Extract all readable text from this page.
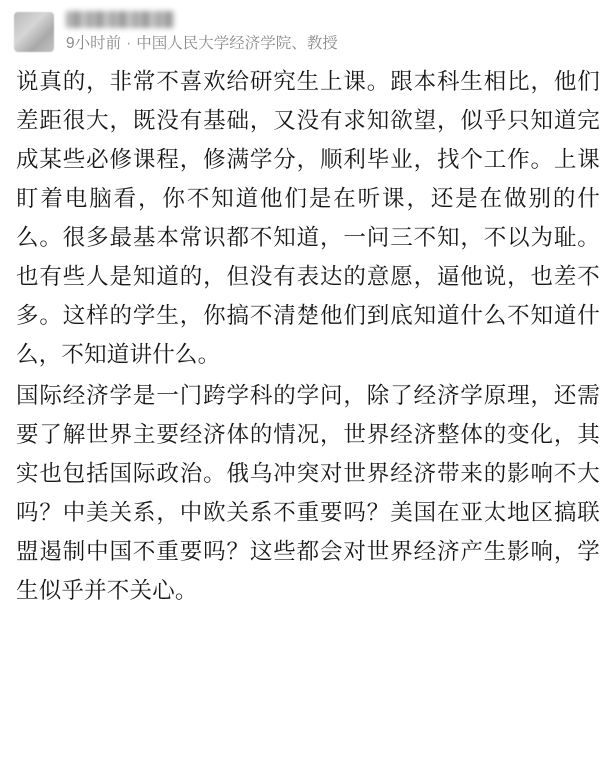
9小时前 · 中国人民大学经济学院、教授

说真的，非常不喜欢给研究生上课。跟本科生相比，他们差距很大，既没有基础，又没有求知欲望，似乎只知道完成某些必修课程，修满学分，顺利毕业，找个工作。上课盯着电脑看，你不知道他们是在听课，还是在做别的什么。很多最基本常识都不知道，一问三不知，不以为耻。也有些人是知道的，但没有表达的意愿，逼他说，也差不多。这样的学生，你搞不清楚他们到底知道什么不知道什么，不知道讲什么。

国际经济学是一门跨学科的学问，除了经济学原理，还需要了解世界主要经济体的情况，世界经济整体的变化，其实也包括国际政治。俄乌冲突对世界经济带来的影响不大吗？中美关系，中欧关系不重要吗？美国在亚太地区搞联盟遏制中国不重要吗？这些都会对世界经济产生影响，学生似乎并不关心。
